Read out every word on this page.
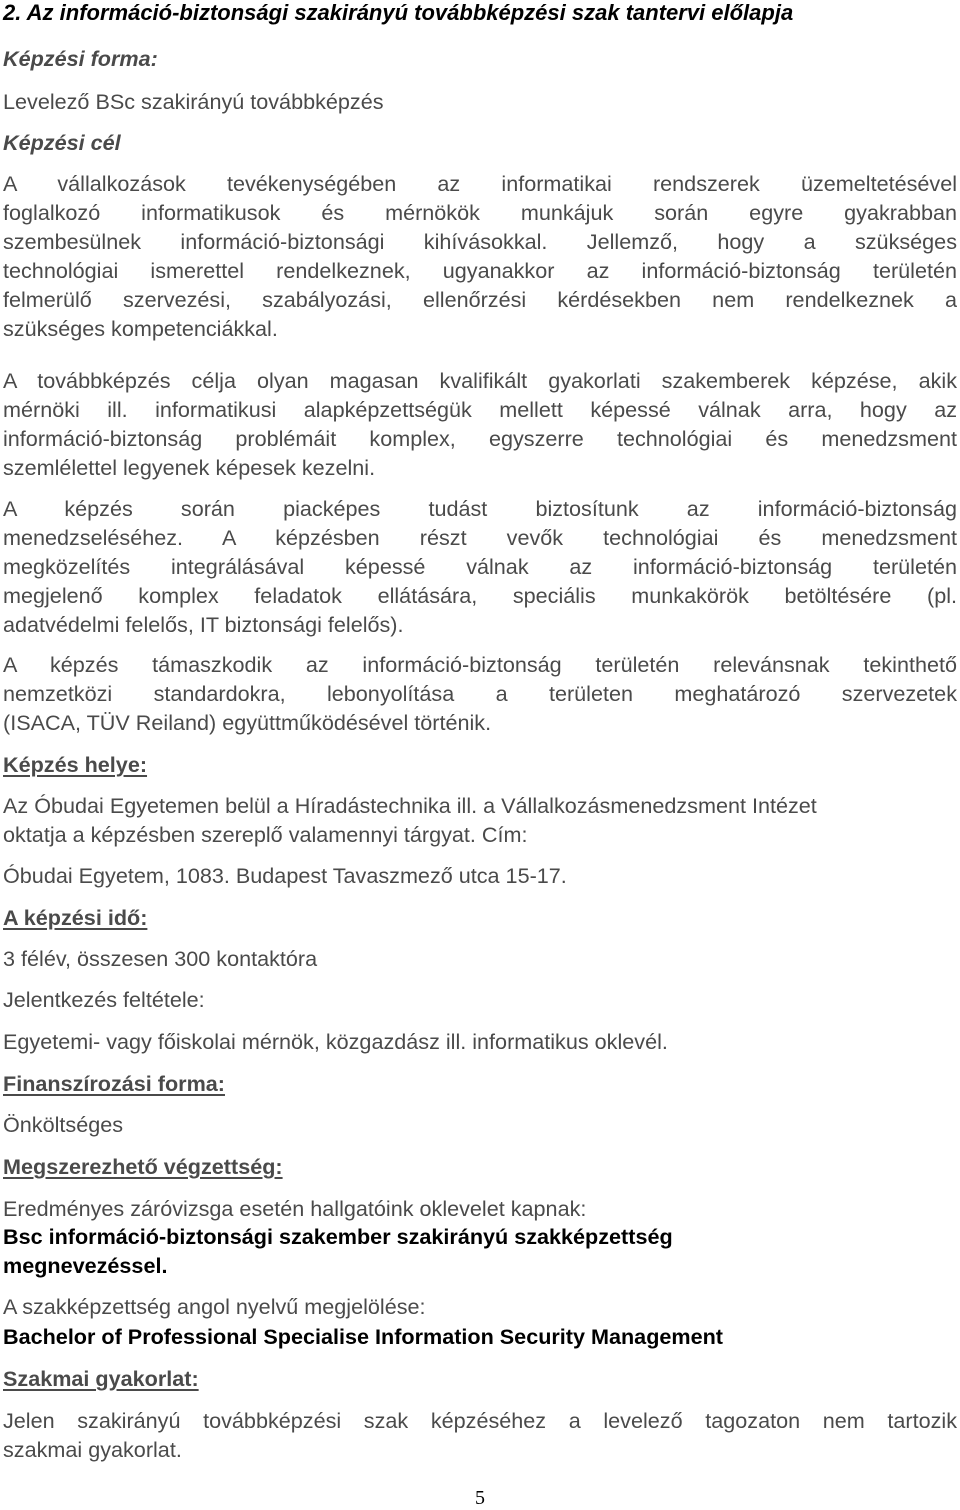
2. Az információ-biztonsági szakirányú továbbképzési szak tantervi előlapja
Képzési forma:
Levelező BSc szakirányú továbbképzés
Képzési cél
A vállalkozások tevékenységében az informatikai rendszerek üzemeltetésével
foglalkozó informatikusok és mérnökök munkájuk során egyre gyakrabban
szembesülnek információ-biztonsági kihívásokkal. Jellemző, hogy a szükséges
technológiai ismerettel rendelkeznek, ugyanakkor az információ-biztonság területén
felmerülő szervezési, szabályozási, ellenőrzési kérdésekben nem rendelkeznek a
szükséges kompetenciákkal.
A továbbképzés célja olyan magasan kvalifikált gyakorlati szakemberek képzése, akik
mérnöki ill. informatikusi alapképzettségük mellett képessé válnak arra, hogy az
információ-biztonság problémáit komplex, egyszerre technológiai és menedzsment
szemlélettel legyenek képesek kezelni.
A képzés során piacképes tudást biztosítunk az információ-biztonság
menedzseléséhez. A képzésben részt vevők technológiai és menedzsment
megközelítés integrálásával képessé válnak az információ-biztonság területén
megjelenő komplex feladatok ellátására, speciális munkakörök betöltésére (pl.
adatvédelmi felelős, IT biztonsági felelős).
A képzés támaszkodik az információ-biztonság területén relevánsnak tekinthető
nemzetközi standardokra, lebonyolítása a területen meghatározó szervezetek
(ISACA, TÜV Reiland) együttműködésével történik.
Képzés helye:
Az Óbudai Egyetemen belül a Híradástechnika ill. a Vállalkozásmenedzsment Intézet
oktatja a képzésben szereplő valamennyi tárgyat. Cím:
Óbudai Egyetem, 1083. Budapest Tavaszmező utca 15-17.
A képzési idő:
3 félév, összesen 300 kontaktóra
Jelentkezés feltétele:
Egyetemi- vagy főiskolai mérnök, közgazdász ill. informatikus oklevél.
Finanszírozási forma:
Önköltséges
Megszerezhető végzettség:
Eredményes záróvizsga esetén hallgatóink oklevelet kapnak:
Bsc információ-biztonsági szakember szakirányú szakképzettség
megnevezéssel.
A szakképzettség angol nyelvű megjelölése:
Bachelor of Professional Specialise Information Security Management
Szakmai gyakorlat:
Jelen szakirányú továbbképzési szak képzéséhez a levelező tagozaton nem tartozik
szakmai gyakorlat.
5
